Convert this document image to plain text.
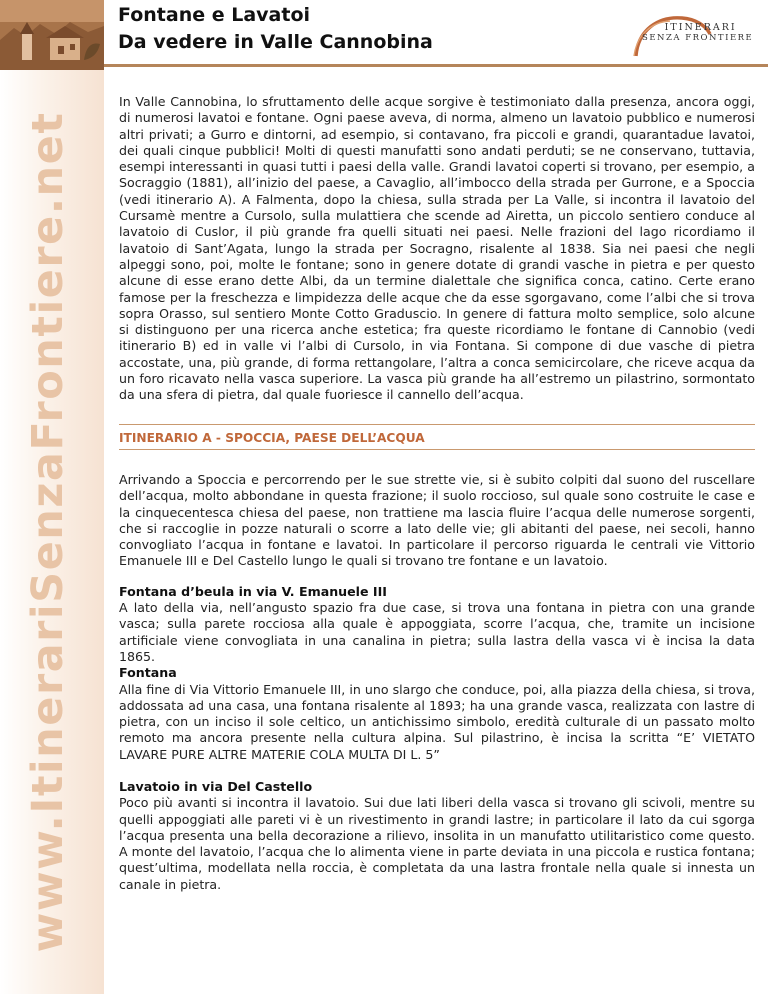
Fontane e Lavatoi
Da vedere in Valle Cannobina
ITINERARI
SENZA FRONTIERE
www.ItinerariSenzaFrontiere.net

In Valle Cannobina, lo sfruttamento delle acque sorgive è testimoniato dalla presenza, ancora oggi, di numerosi lavatoi e fontane. Ogni paese aveva, di norma, almeno un lavatoio pubblico e numerosi altri privati; a Gurro e dintorni, ad esempio, si contavano, fra piccoli e grandi, quarantadue lavatoi, dei quali cinque pubblici! Molti di questi manufatti sono andati perduti; se ne conservano, tuttavia, esempi interessanti in quasi tutti i paesi della valle. Grandi lavatoi coperti si trovano, per esempio, a Socraggio (1881), all’inizio del paese, a Cavaglio, all’imbocco della strada per Gurrone, e a Spoccia (vedi itinerario A). A Falmenta, dopo la chiesa, sulla strada per La Valle, si incontra il lavatoio del Cursamè mentre a Cursolo, sulla mulattiera che scende ad Airetta, un piccolo sentiero conduce al lavatoio di Cuslor, il più grande fra quelli situati nei paesi. Nelle frazioni del lago ricordiamo il lavatoio di Sant’Agata, lungo la strada per Socragno, risalente al 1838. Sia nei paesi che negli alpeggi sono, poi, molte le fontane; sono in genere dotate di grandi vasche in pietra e per questo alcune di esse erano dette Albi, da un termine dialettale che significa conca, catino. Certe erano famose per la freschezza e limpidezza delle acque che da esse sgorgavano, come l’albi che si trova sopra Orasso, sul sentiero Monte Cotto Graduscio. In genere di fattura molto semplice, solo alcune si distinguono per una ricerca anche estetica; fra queste ricordiamo le fontane di Cannobio (vedi itinerario B) ed in valle vi l’albi di Cursolo, in via Fontana. Si compone di due vasche di pietra accostate, una, più grande, di forma rettangolare, l’altra a conca semicircolare, che riceve acqua da un foro ricavato nella vasca superiore. La vasca più grande ha all’estremo un pilastrino, sormontato da una sfera di pietra, dal quale fuoriesce il cannello dell’acqua.

ITINERARIO A - SPOCCIA, PAESE DELL’ACQUA

Arrivando a Spoccia e percorrendo per le sue strette vie, si è subito colpiti dal suono del ruscellare dell’acqua, molto abbondane in questa frazione; il suolo roccioso, sul quale sono costruite le case e la cinquecentesca chiesa del paese, non trattiene ma lascia fluire l’acqua delle numerose sorgenti, che si raccoglie in pozze naturali o scorre a lato delle vie; gli abitanti del paese, nei secoli, hanno convogliato l’acqua in fontane e lavatoi. In particolare il percorso riguarda le centrali vie Vittorio Emanuele III e Del Castello lungo le quali si trovano tre fontane e un lavatoio.

Fontana d’beula in via V. Emanuele III
A lato della via, nell’angusto spazio fra due case, si trova una fontana in pietra con una grande vasca; sulla parete rocciosa alla quale è appoggiata, scorre l’acqua, che, tramite un incisione artificiale viene convogliata in una canalina in pietra; sulla lastra della vasca vi è incisa la data 1865.
Fontana
Alla fine di Via Vittorio Emanuele III, in uno slargo che conduce, poi, alla piazza della chiesa, si trova, addossata ad una casa, una fontana risalente al 1893; ha una grande vasca, realizzata con lastre di pietra, con un inciso il sole celtico, un antichissimo simbolo, eredità culturale di un passato molto remoto ma ancora presente nella cultura alpina. Sul pilastrino, è incisa la scritta “E’ VIETATO LAVARE PURE ALTRE MATERIE COLA MULTA DI L. 5”

Lavatoio in via Del Castello
Poco più avanti si incontra il lavatoio. Sui due lati liberi della vasca si trovano gli scivoli, mentre su quelli appoggiati alle pareti vi è un rivestimento in grandi lastre; in particolare il lato da cui sgorga l’acqua presenta una bella decorazione a rilievo, insolita in un manufatto utilitaristico come questo. A monte del lavatoio, l’acqua che lo alimenta viene in parte deviata in una piccola e rustica fontana; quest’ultima, modellata nella roccia, è completata da una lastra frontale nella quale si innesta un canale in pietra.
